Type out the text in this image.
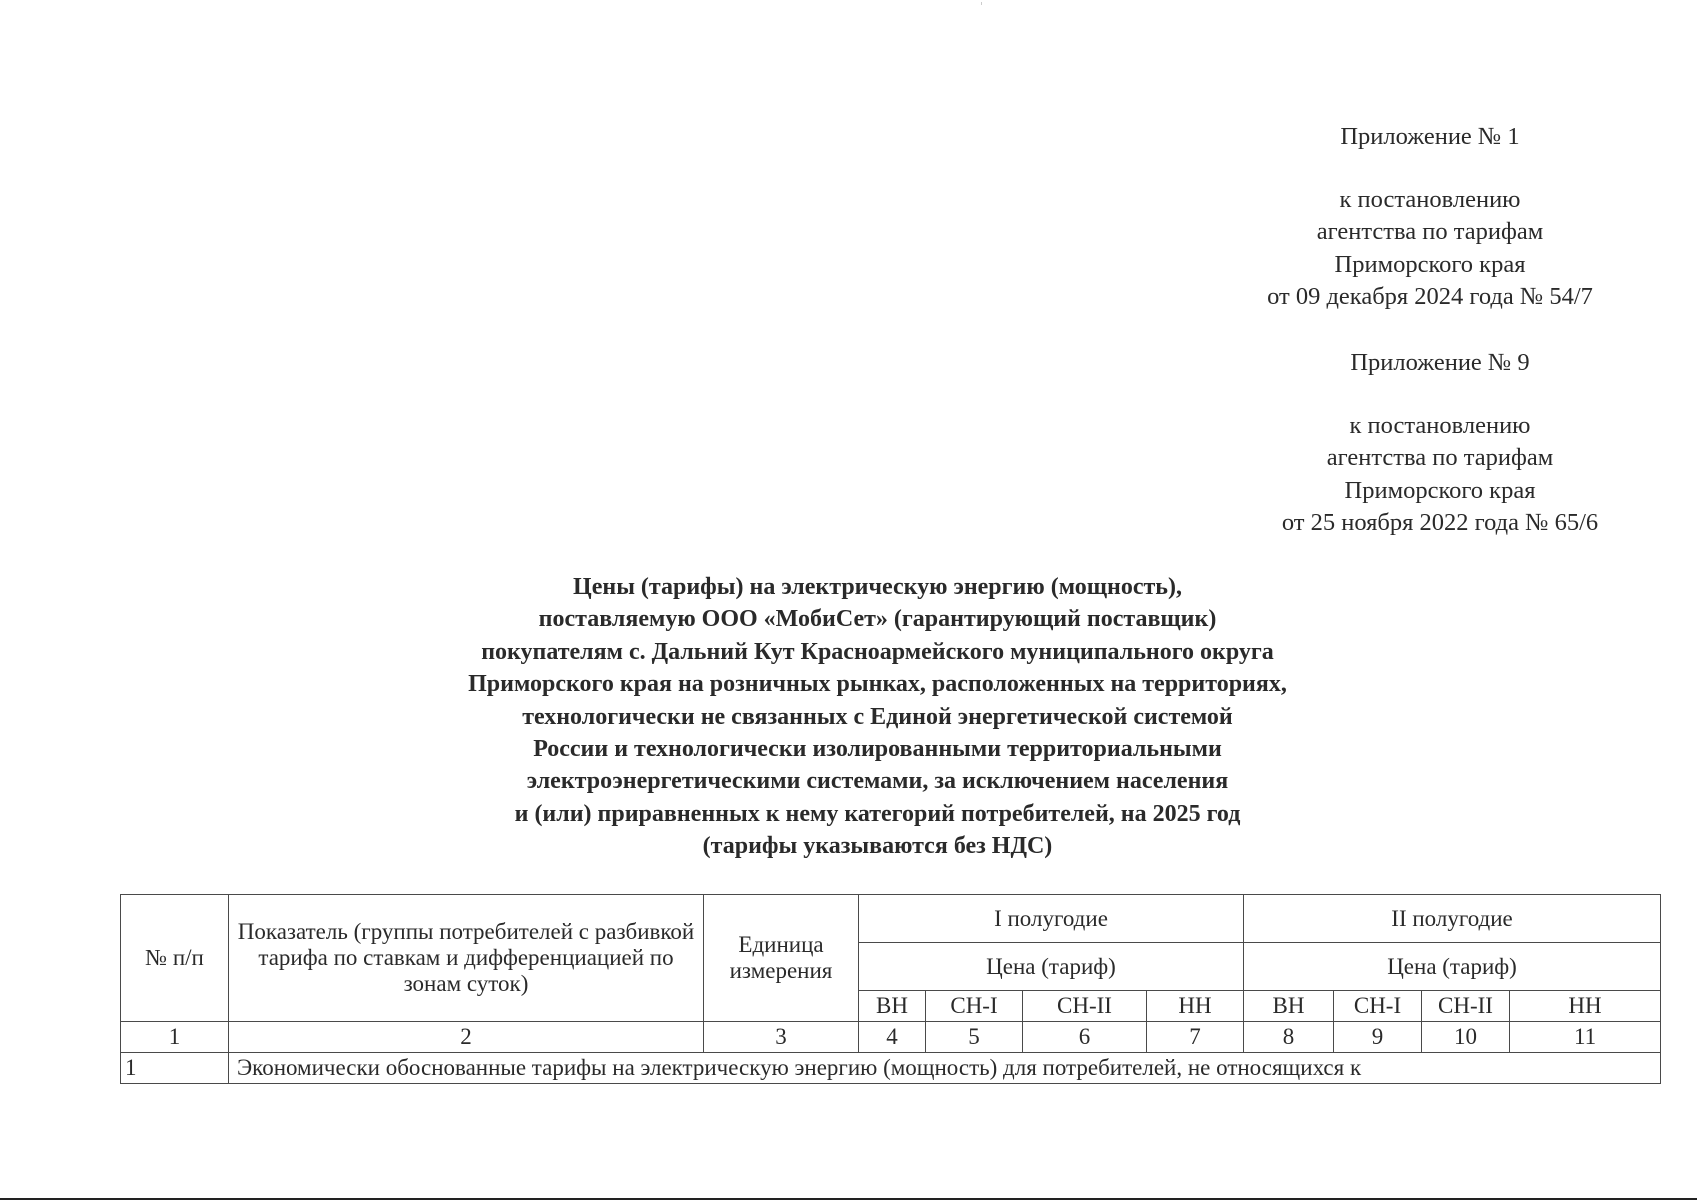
Приложение № 1
к постановлению
агентства по тарифам
Приморского края
от 09 декабря 2024 года № 54/7
Приложение № 9
к постановлению
агентства по тарифам
Приморского края
от 25 ноября 2022 года № 65/6
Цены (тарифы) на электрическую энергию (мощность),
поставляемую ООО «МобиСет» (гарантирующий поставщик)
покупателям с. Дальний Кут Красноармейского муниципального округа
Приморского края на розничных рынках, расположенных на территориях,
технологически не связанных с Единой энергетической системой
России и технологически изолированными территориальными
электроэнергетическими системами, за исключением населения
и (или) приравненных к нему категорий потребителей, на 2025 год
(тарифы указываются без НДС)
№ п/п	Показатель (группы потребителей с разбивкой тарифа по ставкам и дифференциацией по зонам суток)	Единица измерения	I полугодие				II полугодие			
			Цена (тариф)				Цена (тариф)			
			ВН	СН-I	СН-II	НН	ВН	СН-I	СН-II	НН
1	2	3	4	5	6	7	8	9	10	11
1	Экономически обоснованные тарифы на электрическую энергию (мощность) для потребителей, не относящихся к									
